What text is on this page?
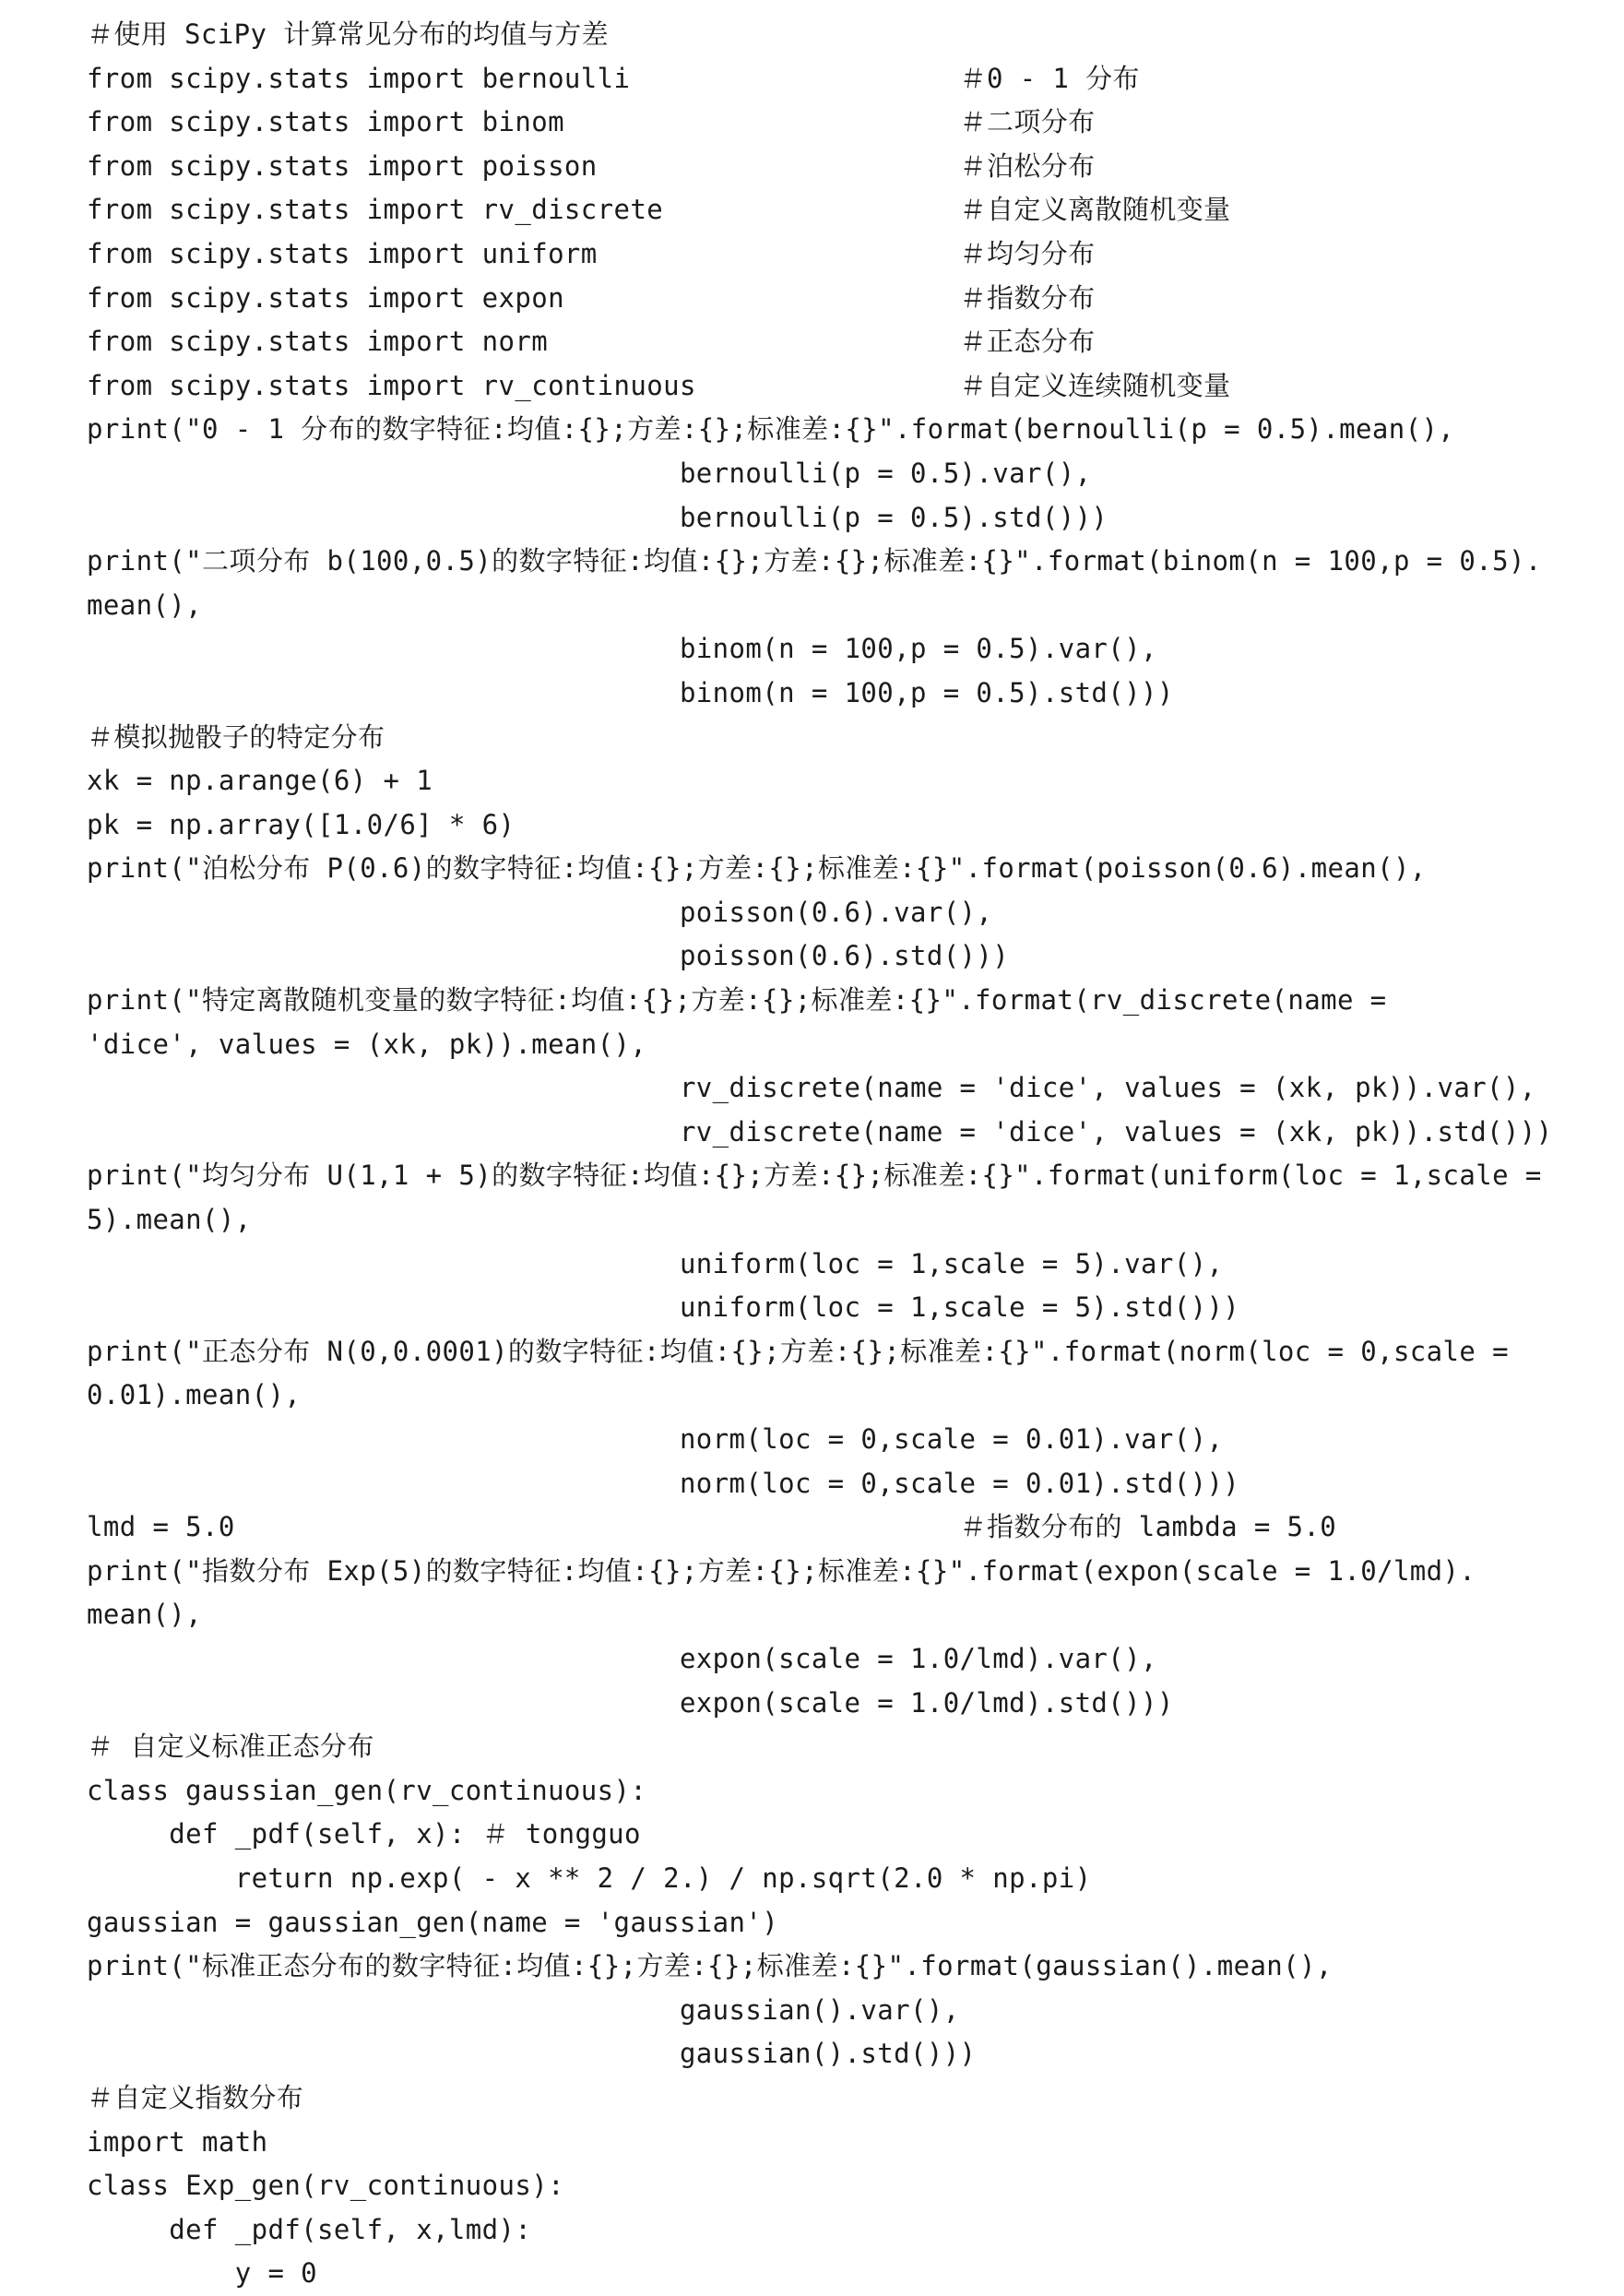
＃使用 SciPy 计算常见分布的均值与方差
from scipy.stats import bernoulli                    ＃0 - 1 分布
from scipy.stats import binom                        ＃二项分布
from scipy.stats import poisson                      ＃泊松分布
from scipy.stats import rv_discrete                  ＃自定义离散随机变量
from scipy.stats import uniform                      ＃均匀分布
from scipy.stats import expon                        ＃指数分布
from scipy.stats import norm                         ＃正态分布
from scipy.stats import rv_continuous                ＃自定义连续随机变量
print("0 - 1 分布的数字特征:均值:{};方差:{};标准差:{}".format(bernoulli(p = 0.5).mean(),
bernoulli(p = 0.5).var(),
bernoulli(p = 0.5).std()))
print("二项分布 b(100,0.5)的数字特征:均值:{};方差:{};标准差:{}".format(binom(n = 100,p = 0.5).
mean(),
binom(n = 100,p = 0.5).var(),
binom(n = 100,p = 0.5).std()))
＃模拟抛骰子的特定分布
xk = np.arange(6) + 1
pk = np.array([1.0/6] * 6)
print("泊松分布 P(0.6)的数字特征:均值:{};方差:{};标准差:{}".format(poisson(0.6).mean(),
poisson(0.6).var(),
poisson(0.6).std()))
print("特定离散随机变量的数字特征:均值:{};方差:{};标准差:{}".format(rv_discrete(name =
'dice', values = (xk, pk)).mean(),
rv_discrete(name = 'dice', values = (xk, pk)).var(),
rv_discrete(name = 'dice', values = (xk, pk)).std()))
print("均匀分布 U(1,1 + 5)的数字特征:均值:{};方差:{};标准差:{}".format(uniform(loc = 1,scale =
5).mean(),
uniform(loc = 1,scale = 5).var(),
uniform(loc = 1,scale = 5).std()))
print("正态分布 N(0,0.0001)的数字特征:均值:{};方差:{};标准差:{}".format(norm(loc = 0,scale =
0.01).mean(),
norm(loc = 0,scale = 0.01).var(),
norm(loc = 0,scale = 0.01).std()))
lmd = 5.0                                            ＃指数分布的 lambda = 5.0
print("指数分布 Exp(5)的数字特征:均值:{};方差:{};标准差:{}".format(expon(scale = 1.0/lmd).
mean(),
expon(scale = 1.0/lmd).var(),
expon(scale = 1.0/lmd).std()))
＃ 自定义标准正态分布
class gaussian_gen(rv_continuous):
def _pdf(self, x): ＃ tongguo
return np.exp( - x ** 2 / 2.) / np.sqrt(2.0 * np.pi)
gaussian = gaussian_gen(name = 'gaussian')
print("标准正态分布的数字特征:均值:{};方差:{};标准差:{}".format(gaussian().mean(),
gaussian().var(),
gaussian().std()))
＃自定义指数分布
import math
class Exp_gen(rv_continuous):
def _pdf(self, x,lmd):
y = 0
